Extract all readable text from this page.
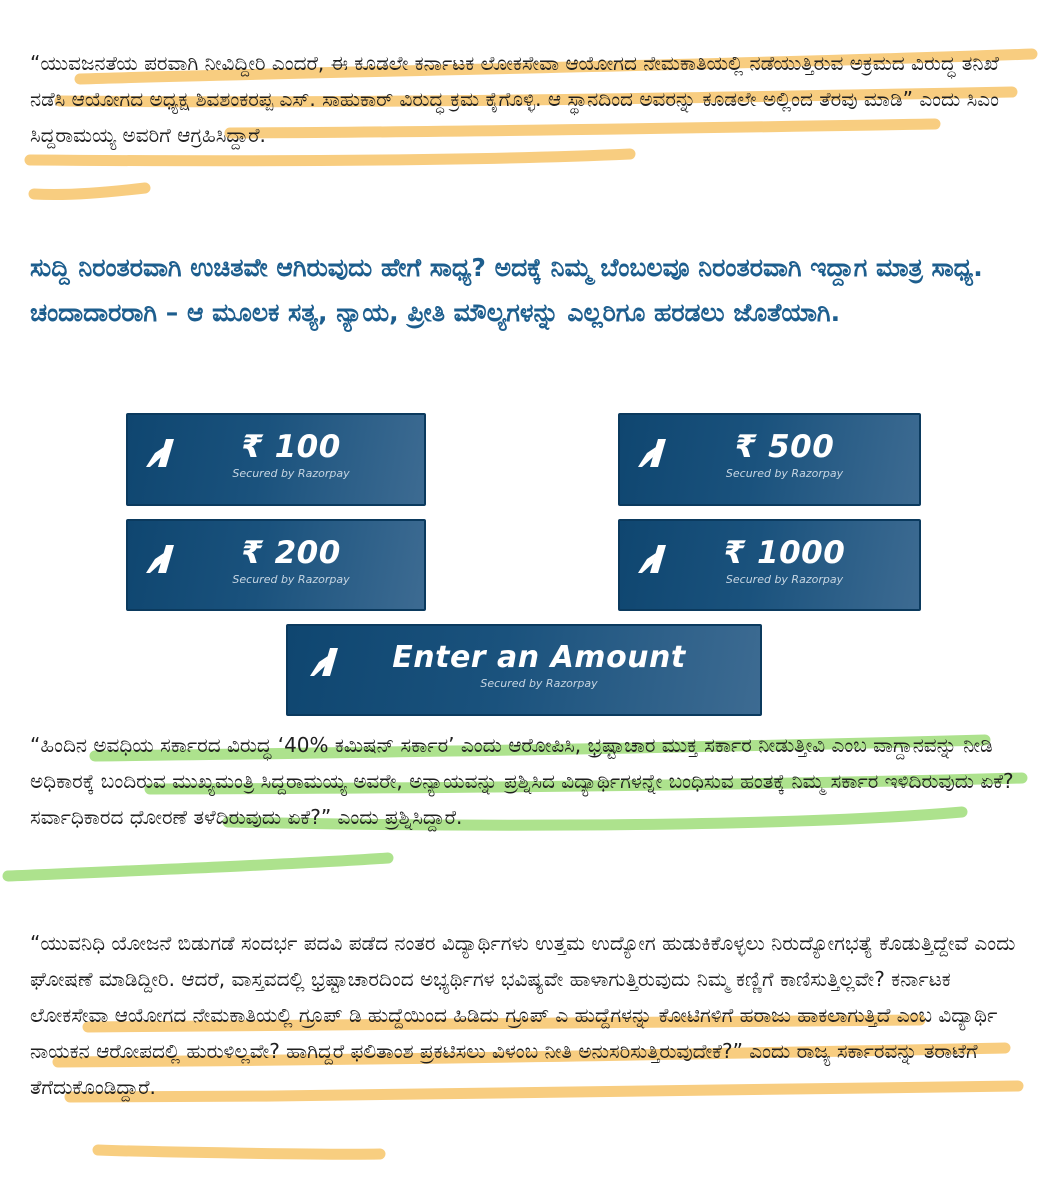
“ಯುವಜನತೆಯ ಪರವಾಗಿ ನೀವಿದ್ದೀರಿ ಎಂದರೆ, ಈ ಕೂಡಲೇ ಕರ್ನಾಟಕ ಲೋಕಸೇವಾ ಆಯೋಗದ ನೇಮಕಾತಿಯಲ್ಲಿ ನಡೆಯುತ್ತಿರುವ ಅಕ್ರಮದ ವಿರುದ್ಧ ತನಿಖೆ ನಡೆಸಿ ಆಯೋಗದ ಅಧ್ಯಕ್ಷ ಶಿವಶಂಕರಪ್ಪ ಎಸ್. ಸಾಹುಕಾರ್ ವಿರುದ್ಧ ಕ್ರಮ ಕೈಗೊಳ್ಳಿ. ಆ ಸ್ಥಾನದಿಂದ ಅವರನ್ನು ಕೂಡಲೇ ಅಲ್ಲಿಂದ ತೆರವು ಮಾಡಿ” ಎಂದು ಸಿಎಂ ಸಿದ್ದರಾಮಯ್ಯ ಅವರಿಗೆ ಆಗ್ರಹಿಸಿದ್ದಾರೆ.

ಸುದ್ದಿ ನಿರಂತರವಾಗಿ ಉಚಿತವೇ ಆಗಿರುವುದು ಹೇಗೆ ಸಾಧ್ಯ? ಅದಕ್ಕೆ ನಿಮ್ಮ ಬೆಂಬಲವೂ ನಿರಂತರವಾಗಿ ಇದ್ದಾಗ ಮಾತ್ರ ಸಾಧ್ಯ. ಚಂದಾದಾರರಾಗಿ – ಆ ಮೂಲಕ ಸತ್ಯ, ನ್ಯಾಯ, ಪ್ರೀತಿ ಮೌಲ್ಯಗಳನ್ನು ಎಲ್ಲರಿಗೂ ಹರಡಲು ಜೊತೆಯಾಗಿ.

₹ 100
Secured by Razorpay
₹ 500
Secured by Razorpay
₹ 200
Secured by Razorpay
₹ 1000
Secured by Razorpay
Enter an Amount
Secured by Razorpay

“ಹಿಂದಿನ ಅವಧಿಯ ಸರ್ಕಾರದ ವಿರುದ್ಧ ‘40% ಕಮಿಷನ್ ಸರ್ಕಾರ’ ಎಂದು ಆರೋಪಿಸಿ, ಭ್ರಷ್ಟಾಚಾರ ಮುಕ್ತ ಸರ್ಕಾರ ನೀಡುತ್ತೀವಿ ಎಂಬ ವಾಗ್ದಾನವನ್ನು ನೀಡಿ ಅಧಿಕಾರಕ್ಕೆ ಬಂದಿರುವ ಮುಖ್ಯಮಂತ್ರಿ ಸಿದ್ದರಾಮಯ್ಯ ಅವರೇ, ಅನ್ಯಾಯವನ್ನು ಪ್ರಶ್ನಿಸಿದ ವಿದ್ಯಾರ್ಥಿಗಳನ್ನೇ ಬಂಧಿಸುವ ಹಂತಕ್ಕೆ ನಿಮ್ಮ ಸರ್ಕಾರ ಇಳಿದಿರುವುದು ಏಕೆ? ಸರ್ವಾಧಿಕಾರದ ಧೋರಣೆ ತಳೆದಿರುವುದು ಏಕೆ?” ಎಂದು ಪ್ರಶ್ನಿಸಿದ್ದಾರೆ.

“ಯುವನಿಧಿ ಯೋಜನೆ ಬಿಡುಗಡೆ ಸಂದರ್ಭ ಪದವಿ ಪಡೆದ ನಂತರ ವಿದ್ಯಾರ್ಥಿಗಳು ಉತ್ತಮ ಉದ್ಯೋಗ ಹುಡುಕಿಕೊಳ್ಳಲು ನಿರುದ್ಯೋಗಭತ್ಯೆ ಕೊಡುತ್ತಿದ್ದೇವೆ ಎಂದು ಘೋಷಣೆ ಮಾಡಿದ್ದೀರಿ. ಆದರೆ, ವಾಸ್ತವದಲ್ಲಿ ಭ್ರಷ್ಟಾಚಾರದಿಂದ ಅಭ್ಯರ್ಥಿಗಳ ಭವಿಷ್ಯವೇ ಹಾಳಾಗುತ್ತಿರುವುದು ನಿಮ್ಮ ಕಣ್ಣಿಗೆ ಕಾಣಿಸುತ್ತಿಲ್ಲವೇ? ಕರ್ನಾಟಕ ಲೋಕಸೇವಾ ಆಯೋಗದ ನೇಮಕಾತಿಯಲ್ಲಿ ಗ್ರೂಪ್ ಡಿ ಹುದ್ದೆಯಿಂದ ಹಿಡಿದು ಗ್ರೂಪ್ ಎ ಹುದ್ದೆಗಳನ್ನು ಕೋಟಿಗಳಿಗೆ ಹರಾಜು ಹಾಕಲಾಗುತ್ತಿದೆ ಎಂಬ ವಿದ್ಯಾರ್ಥಿ ನಾಯಕನ ಆರೋಪದಲ್ಲಿ ಹುರುಳಿಲ್ಲವೇ? ಹಾಗಿದ್ದರೆ ಫಲಿತಾಂಶ ಪ್ರಕಟಿಸಲು ವಿಳಂಬ ನೀತಿ ಅನುಸರಿಸುತ್ತಿರುವುದೇಕೆ?” ಎಂದು ರಾಜ್ಯ ಸರ್ಕಾರವನ್ನು ತರಾಟೆಗೆ ತೆಗೆದುಕೊಂಡಿದ್ದಾರೆ.
